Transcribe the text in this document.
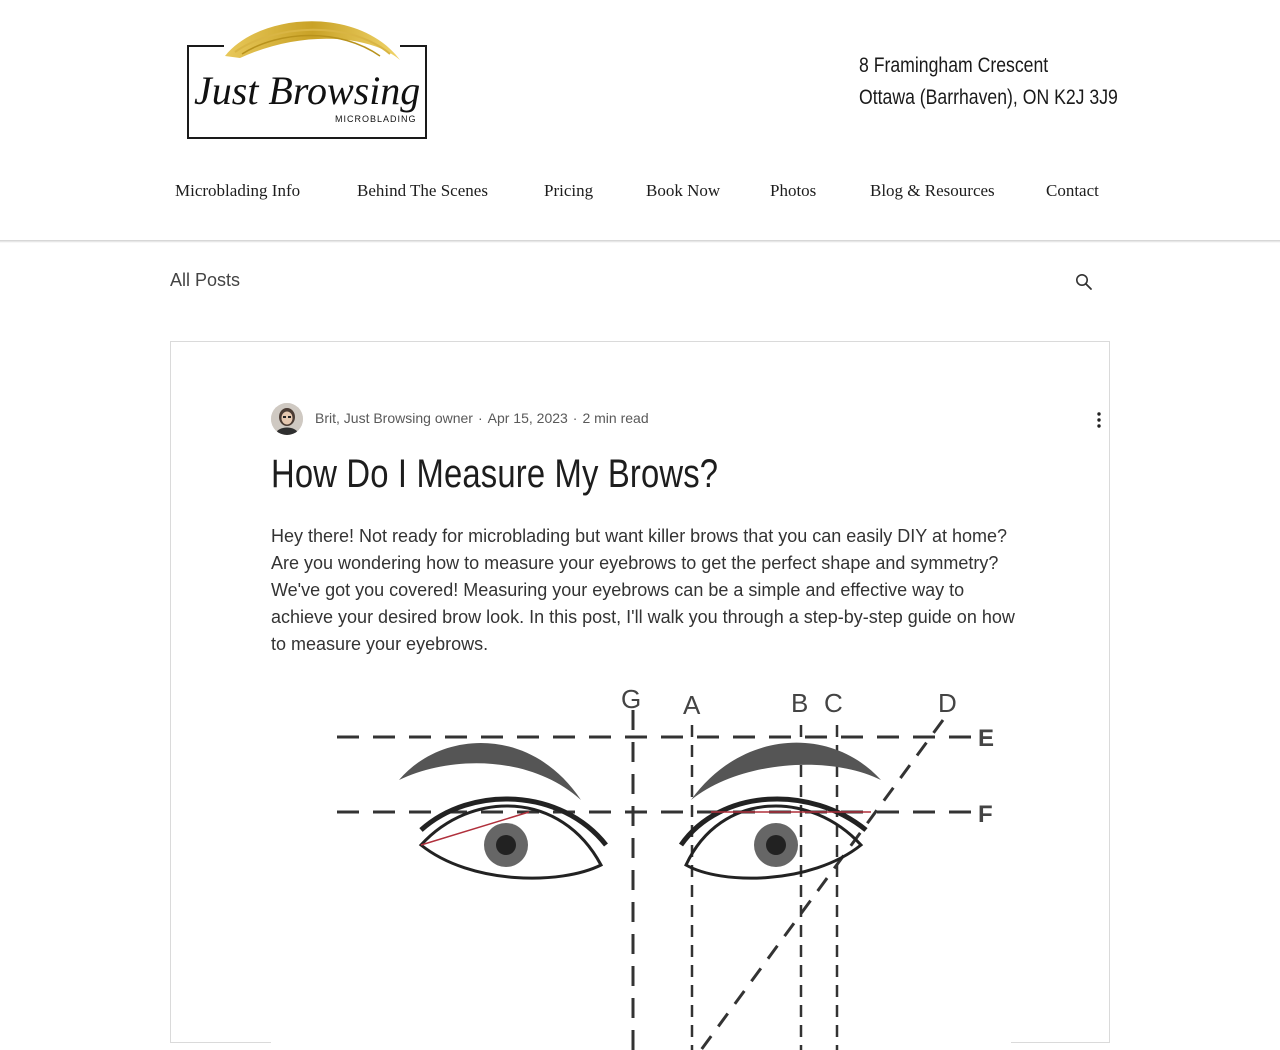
Just Browsing
MICROBLADING
8 Framingham Crescent
Ottawa (Barrhaven), ON K2J 3J9
Microblading Info	Behind The Scenes	Pricing	Book Now	Photos	Blog & Resources	Contact
All Posts
Brit, Just Browsing owner · Apr 15, 2023 · 2 min read
How Do I Measure My Brows?

Hey there! Not ready for microblading but want killer brows that you can easily DIY at home? Are you wondering how to measure your eyebrows to get the perfect shape and symmetry? We've got you covered! Measuring your eyebrows can be a simple and effective way to achieve your desired brow look. In this post, I'll walk you through a step-by-step guide on how to measure your eyebrows.

G A	B C	D
E
F
